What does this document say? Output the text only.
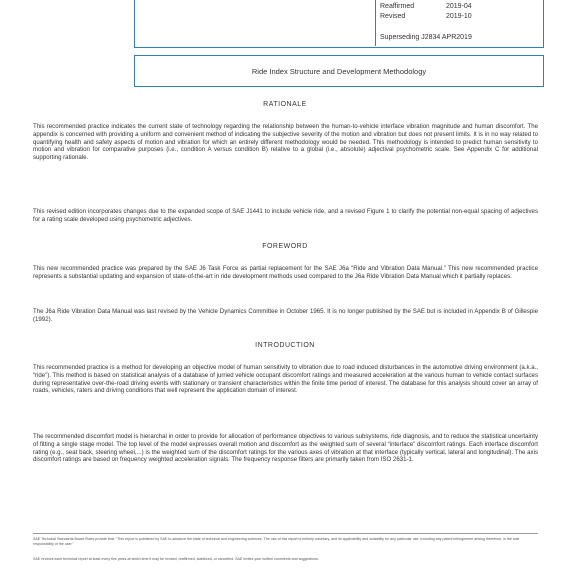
Reaffirmed	2019-04
Revised	2019-10
Superseding J2834 APR2019
Ride Index Structure and Development Methodology
RATIONALE

This recommended practice indicates the current state of technology regarding the relationship between the human-to-vehicle interface vibration magnitude and human discomfort. The appendix is concerned with providing a uniform and convenient method of indicating the subjective severity of the motion and vibration but does not present limits. It is in no way related to quantifying health and safety aspects of motion and vibration for which an entirely different methodology would be needed. This methodology is intended to predict human sensitivity to motion and vibration for comparative purposes (i.e., condition A versus condition B) relative to a global (i.e., absolute) adjectival psychometric scale. See Appendix C for additional supporting rationale.

This revised edition incorporates changes due to the expanded scope of SAE J1441 to include vehicle ride, and a revised Figure 1 to clarify the potential non-equal spacing of adjectives for a rating scale developed using psychometric adjectives.

FOREWORD

This new recommended practice was prepared by the SAE J6 Task Force as partial replacement for the SAE J6a “Ride and Vibration Data Manual.” This new recommended practice represents a substantial updating and expansion of state-of-the-art in ride development methods used compared to the J6a Ride Vibration Data Manual which it partially replaces.

The J6a Ride Vibration Data Manual was last revised by the Vehicle Dynamics Committee in October 1965. It is no longer published by the SAE but is included in Appendix B of Gillespie (1992).

INTRODUCTION

This recommended practice is a method for developing an objective model of human sensitivity to vibration due to road induced disturbances in the automotive driving environment (a.k.a., “ride”). This method is based on statistical analysis of a database of jurried vehicle occupant discomfort ratings and measured acceleration at the various human to vehicle contact surfaces during representative over-the-road driving events with stationary or transient characteristics within the finite time period of interest. The database for this analysis should cover an array of roads, vehicles, raters and driving conditions that well represent the application domain of interest.

The recommended discomfort model is hierarchal in order to provide for allocation of performance objectives to various subsystems, ride diagnosis, and to reduce the statistical uncertainty of fitting a single stage model. The top level of the model expresses overall motion and discomfort as the weighted sum of several “interface” discomfort ratings. Each interface discomfort rating (e.g., seat back, steering wheel,...) is the weighted sum of the discomfort ratings for the various axes of vibration at that interface (typically vertical, lateral and longitudinal). The axis discomfort ratings are based on frequency weighted acceleration signals. The frequency response filters are primarily taken from ISO 2631-1.

SAE Technical Standards Board Rules provide that: “This report is published by SAE to advance the state of technical and engineering sciences. The use of this report is entirely voluntary, and its applicability and suitability for any particular use, including any patent infringement arising therefrom, is the sole responsibility of the user.”

SAE reviews each technical report at least every five years at which time it may be revised, reaffirmed, stabilized, or cancelled. SAE invites your written comments and suggestions.
